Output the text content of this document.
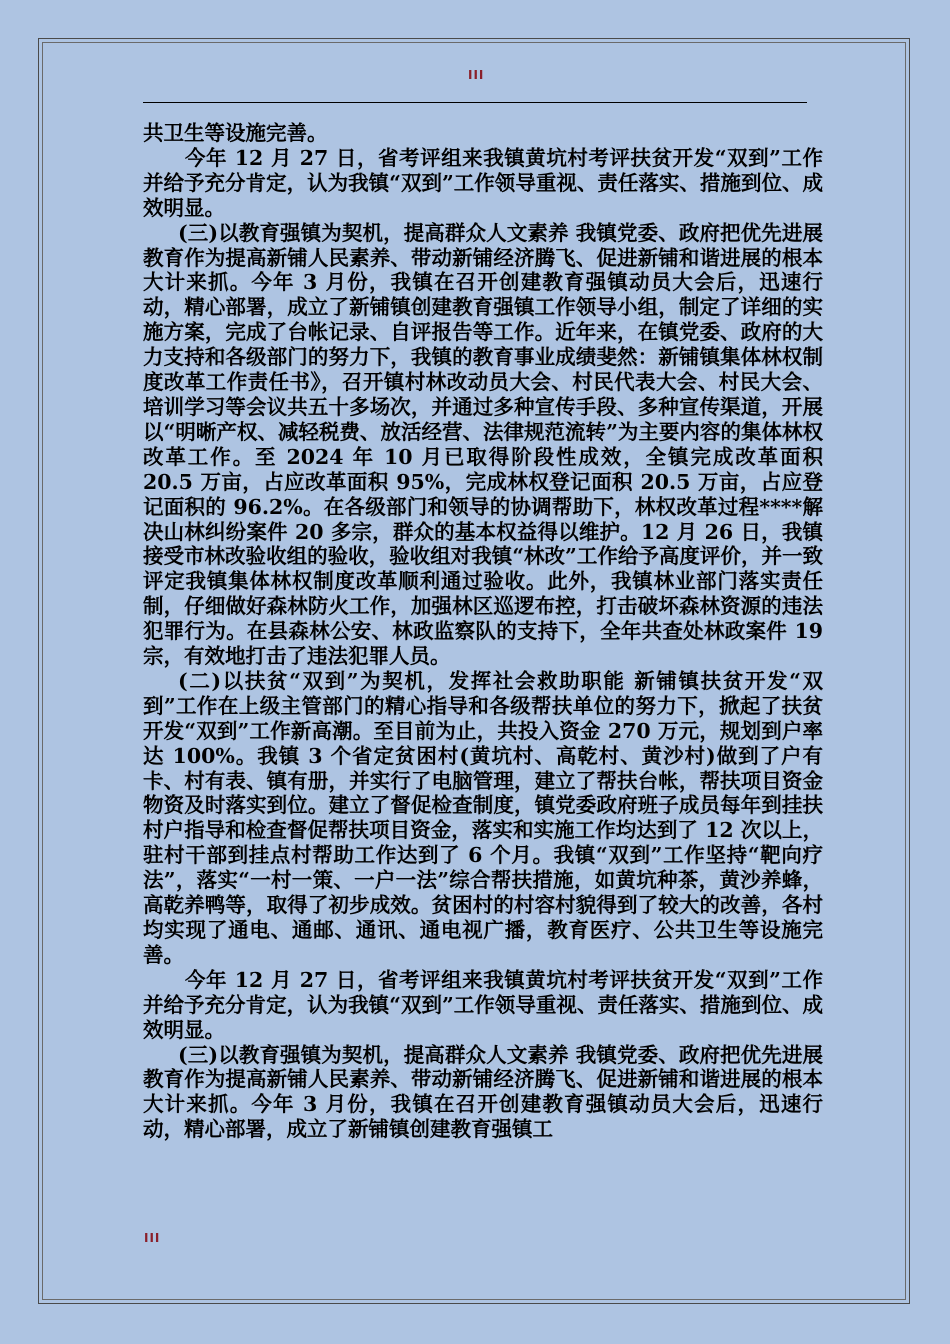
III

共卫生等设施完善。

今年 12 月 27 日，省考评组来我镇黄坑村考评扶贫开发“双到”工作并给予充分肯定，认为我镇“双到”工作领导重视、责任落实、措施到位、成效明显。

(三)以教育强镇为契机，提高群众人文素养 我镇党委、政府把优先进展教育作为提高新铺人民素养、带动新铺经济腾飞、促进新铺和谐进展的根本大计来抓。今年 3 月份，我镇在召开创建教育强镇动员大会后，迅速行动，精心部署，成立了新铺镇创建教育强镇工作领导小组，制定了详细的实施方案，完成了台帐记录、自评报告等工作。近年来，在镇党委、政府的大力支持和各级部门的努力下，我镇的教育事业成绩斐然：新铺镇集体林权制度改革工作责任书》，召开镇村林改动员大会、村民代表大会、村民大会、培训学习等会议共五十多场次，并通过多种宣传手段、多种宣传渠道，开展以“明晰产权、减轻税费、放活经营、法律规范流转”为主要内容的集体林权改革工作。至 2024 年 10 月已取得阶段性成效，全镇完成改革面积 20.5 万亩，占应改革面积 95%，完成林权登记面积 20.5 万亩，占应登记面积的 96.2%。在各级部门和领导的协调帮助下，林权改革过程****解决山林纠纷案件 20 多宗，群众的基本权益得以维护。12 月 26 日，我镇接受市林改验收组的验收，验收组对我镇“林改”工作给予高度评价，并一致评定我镇集体林权制度改革顺利通过验收。此外，我镇林业部门落实责任制，仔细做好森林防火工作，加强林区巡逻布控，打击破坏森林资源的违法犯罪行为。在县森林公安、林政监察队的支持下，全年共查处林政案件 19 宗，有效地打击了违法犯罪人员。

(二)以扶贫“双到”为契机，发挥社会救助职能 新铺镇扶贫开发“双到”工作在上级主管部门的精心指导和各级帮扶单位的努力下，掀起了扶贫开发“双到”工作新高潮。至目前为止，共投入资金 270 万元，规划到户率达 100%。我镇 3 个省定贫困村(黄坑村、高乾村、黄沙村)做到了户有卡、村有表、镇有册，并实行了电脑管理，建立了帮扶台帐，帮扶项目资金物资及时落实到位。建立了督促检查制度，镇党委政府班子成员每年到挂扶村户指导和检查督促帮扶项目资金，落实和实施工作均达到了 12 次以上，驻村干部到挂点村帮助工作达到了 6 个月。我镇“双到”工作坚持“靶向疗法”，落实“一村一策、一户一法”综合帮扶措施，如黄坑种茶，黄沙养蜂，高乾养鸭等，取得了初步成效。贫困村的村容村貌得到了较大的改善，各村均实现了通电、通邮、通讯、通电视广播，教育医疗、公共卫生等设施完善。

今年 12 月 27 日，省考评组来我镇黄坑村考评扶贫开发“双到”工作并给予充分肯定，认为我镇“双到”工作领导重视、责任落实、措施到位、成效明显。

(三)以教育强镇为契机，提高群众人文素养 我镇党委、政府把优先进展教育作为提高新铺人民素养、带动新铺经济腾飞、促进新铺和谐进展的根本大计来抓。今年 3 月份，我镇在召开创建教育强镇动员大会后，迅速行动，精心部署，成立了新铺镇创建教育强镇工

III
